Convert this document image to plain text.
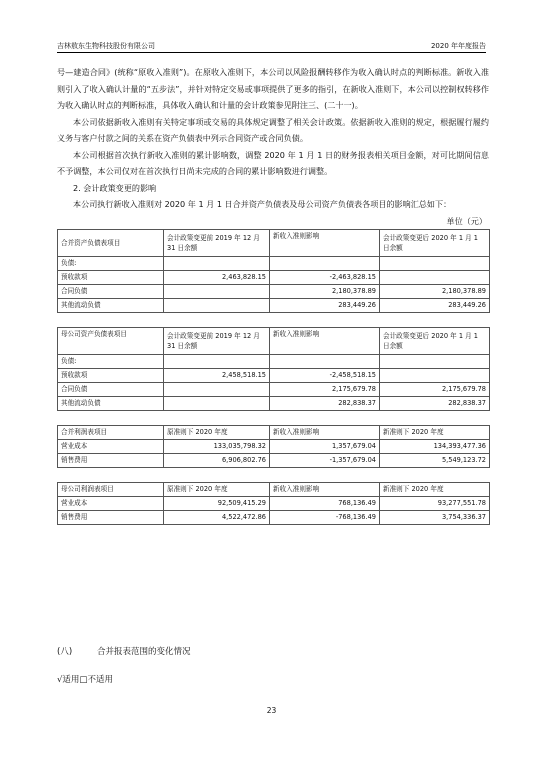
吉林敖东生物科技股份有限公司	2020 年年度报告

号—建造合同》(统称“原收入准则”)。在原收入准则下，本公司以风险报酬转移作为收入确认时点的判断标准。新收入准则引入了收入确认计量的“五步法”，并针对特定交易或事项提供了更多的指引，在新收入准则下，本公司以控制权转移作为收入确认时点的判断标准，具体收入确认和计量的会计政策参见附注三、(二十一)。

本公司依据新收入准则有关特定事项或交易的具体规定调整了相关会计政策。依据新收入准则的规定，根据履行履约义务与客户付款之间的关系在资产负债表中列示合同资产或合同负债。

本公司根据首次执行新收入准则的累计影响数，调整 2020 年 1 月 1 日的财务报表相关项目金额，对可比期间信息不予调整，本公司仅对在首次执行日尚未完成的合同的累计影响数进行调整。

2. 会计政策变更的影响

本公司执行新收入准则对 2020 年 1 月 1 日合并资产负债表及母公司资产负债表各项目的影响汇总如下：

单位（元）
合并资产负债表项目	会计政策变更前 2019 年 12 月 31 日余额	新收入准则影响	会计政策变更后 2020 年 1 月 1 日余额
负债:			
预收款项	2,463,828.15	-2,463,828.15	
合同负债		2,180,378.89	2,180,378.89
其他流动负债		283,449.26	283,449.26
母公司资产负债表项目	会计政策变更前 2019 年 12 月 31 日余额	新收入准则影响	会计政策变更后 2020 年 1 月 1 日余额
负债:			
预收款项	2,458,518.15	-2,458,518.15	
合同负债		2,175,679.78	2,175,679.78
其他流动负债		282,838.37	282,838.37
合并利润表项目	原准则下 2020 年度	新收入准则影响	新准则下 2020 年度
营业成本	133,035,798.32	1,357,679.04	134,393,477.36
销售费用	6,906,802.76	-1,357,679.04	5,549,123.72
母公司利润表项目	原准则下 2020 年度	新收入准则影响	新准则下 2020 年度
营业成本	92,509,415.29	768,136.49	93,277,551.78
销售费用	4,522,472.86	-768,136.49	3,754,336.37
(八)	合并报表范围的变化情况
√适用□不适用
23
